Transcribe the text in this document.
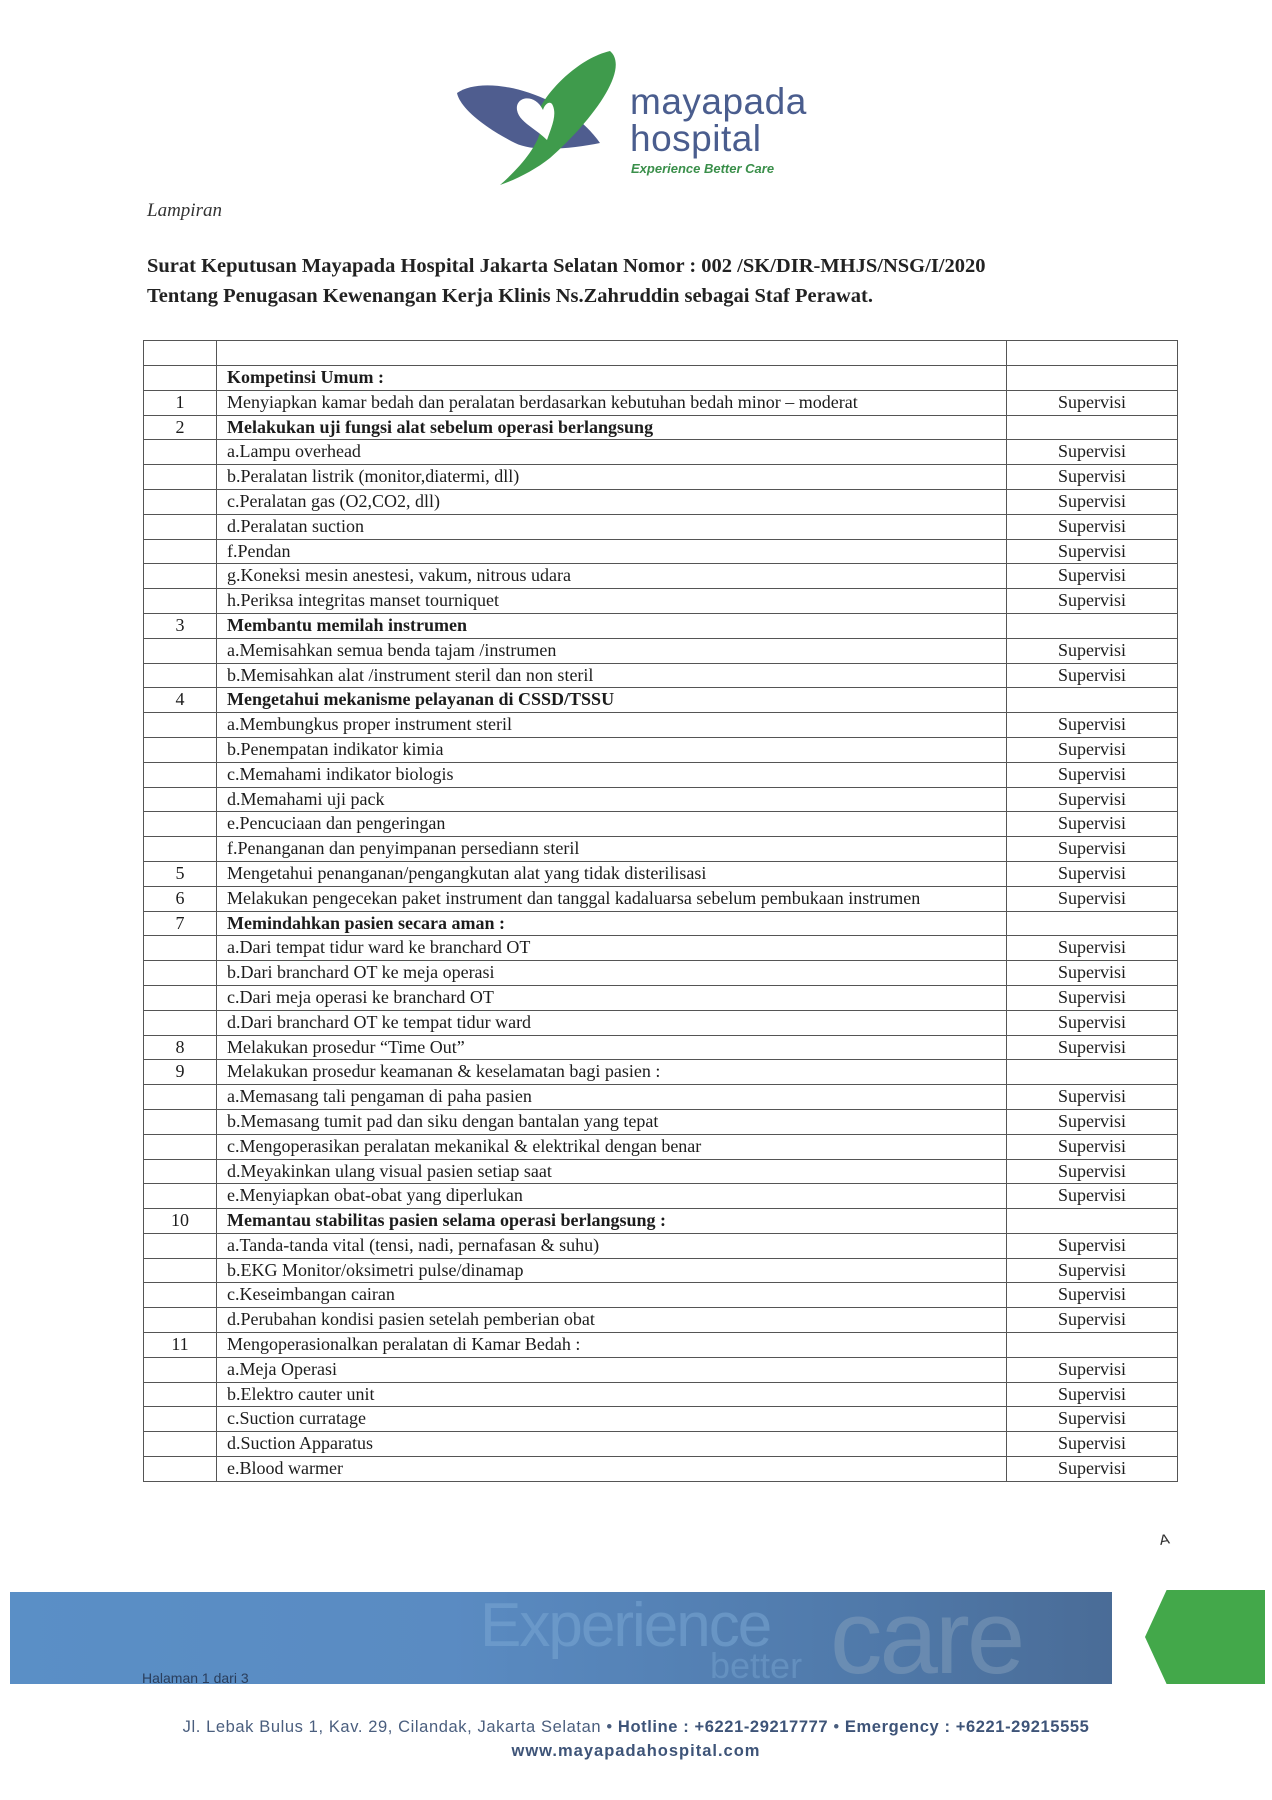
mayapada
hospital
Experience Better Care
Lampiran
Surat Keputusan Mayapada Hospital Jakarta Selatan Nomor : 002 /SK/DIR-MHJS/NSG/I/2020
Tentang Penugasan Kewenangan Kerja Klinis Ns.Zahruddin sebagai Staf Perawat.

	Kompetinsi Umum :	
1	Menyiapkan kamar bedah dan peralatan berdasarkan kebutuhan bedah minor – moderat	Supervisi
2	Melakukan uji fungsi alat sebelum operasi berlangsung	
	a.Lampu overhead	Supervisi
	b.Peralatan listrik (monitor,diatermi, dll)	Supervisi
	c.Peralatan gas (O2,CO2, dll)	Supervisi
	d.Peralatan suction	Supervisi
	f.Pendan	Supervisi
	g.Koneksi mesin anestesi, vakum, nitrous udara	Supervisi
	h.Periksa integritas manset tourniquet	Supervisi
3	Membantu memilah instrumen	
	a.Memisahkan semua benda tajam /instrumen	Supervisi
	b.Memisahkan alat /instrument steril dan non steril	Supervisi
4	Mengetahui mekanisme pelayanan di CSSD/TSSU	
	a.Membungkus proper instrument steril	Supervisi
	b.Penempatan indikator kimia	Supervisi
	c.Memahami indikator biologis	Supervisi
	d.Memahami uji pack	Supervisi
	e.Pencuciaan dan pengeringan	Supervisi
	f.Penanganan dan penyimpanan persediann steril	Supervisi
5	Mengetahui penanganan/pengangkutan alat yang tidak disterilisasi	Supervisi
6	Melakukan pengecekan paket instrument dan tanggal kadaluarsa sebelum pembukaan instrumen	Supervisi
7	Memindahkan pasien secara aman :	
	a.Dari tempat tidur ward ke branchard OT	Supervisi
	b.Dari branchard OT ke meja operasi	Supervisi
	c.Dari meja operasi ke branchard OT	Supervisi
	d.Dari branchard OT ke tempat tidur ward	Supervisi
8	Melakukan prosedur “Time Out”	Supervisi
9	Melakukan prosedur keamanan & keselamatan bagi pasien :	
	a.Memasang tali pengaman di paha pasien	Supervisi
	b.Memasang tumit pad dan siku dengan bantalan yang tepat	Supervisi
	c.Mengoperasikan peralatan mekanikal & elektrikal dengan benar	Supervisi
	d.Meyakinkan ulang visual pasien setiap saat	Supervisi
	e.Menyiapkan obat-obat yang diperlukan	Supervisi
10	Memantau stabilitas pasien selama operasi berlangsung :	
	a.Tanda-tanda vital (tensi, nadi, pernafasan & suhu)	Supervisi
	b.EKG Monitor/oksimetri pulse/dinamap	Supervisi
	c.Keseimbangan cairan	Supervisi
	d.Perubahan kondisi pasien setelah pemberian obat	Supervisi
11	Mengoperasionalkan peralatan di Kamar Bedah :	
	a.Meja Operasi	Supervisi
	b.Elektro cauter unit	Supervisi
	c.Suction curratage	Supervisi
	d.Suction Apparatus	Supervisi
	e.Blood warmer	Supervisi
ᴬ
Experience
better care
Halaman 1 dari 3
Jl. Lebak Bulus 1, Kav. 29, Cilandak, Jakarta Selatan • Hotline : +6221-29217777 • Emergency : +6221-29215555
www.mayapadahospital.com
